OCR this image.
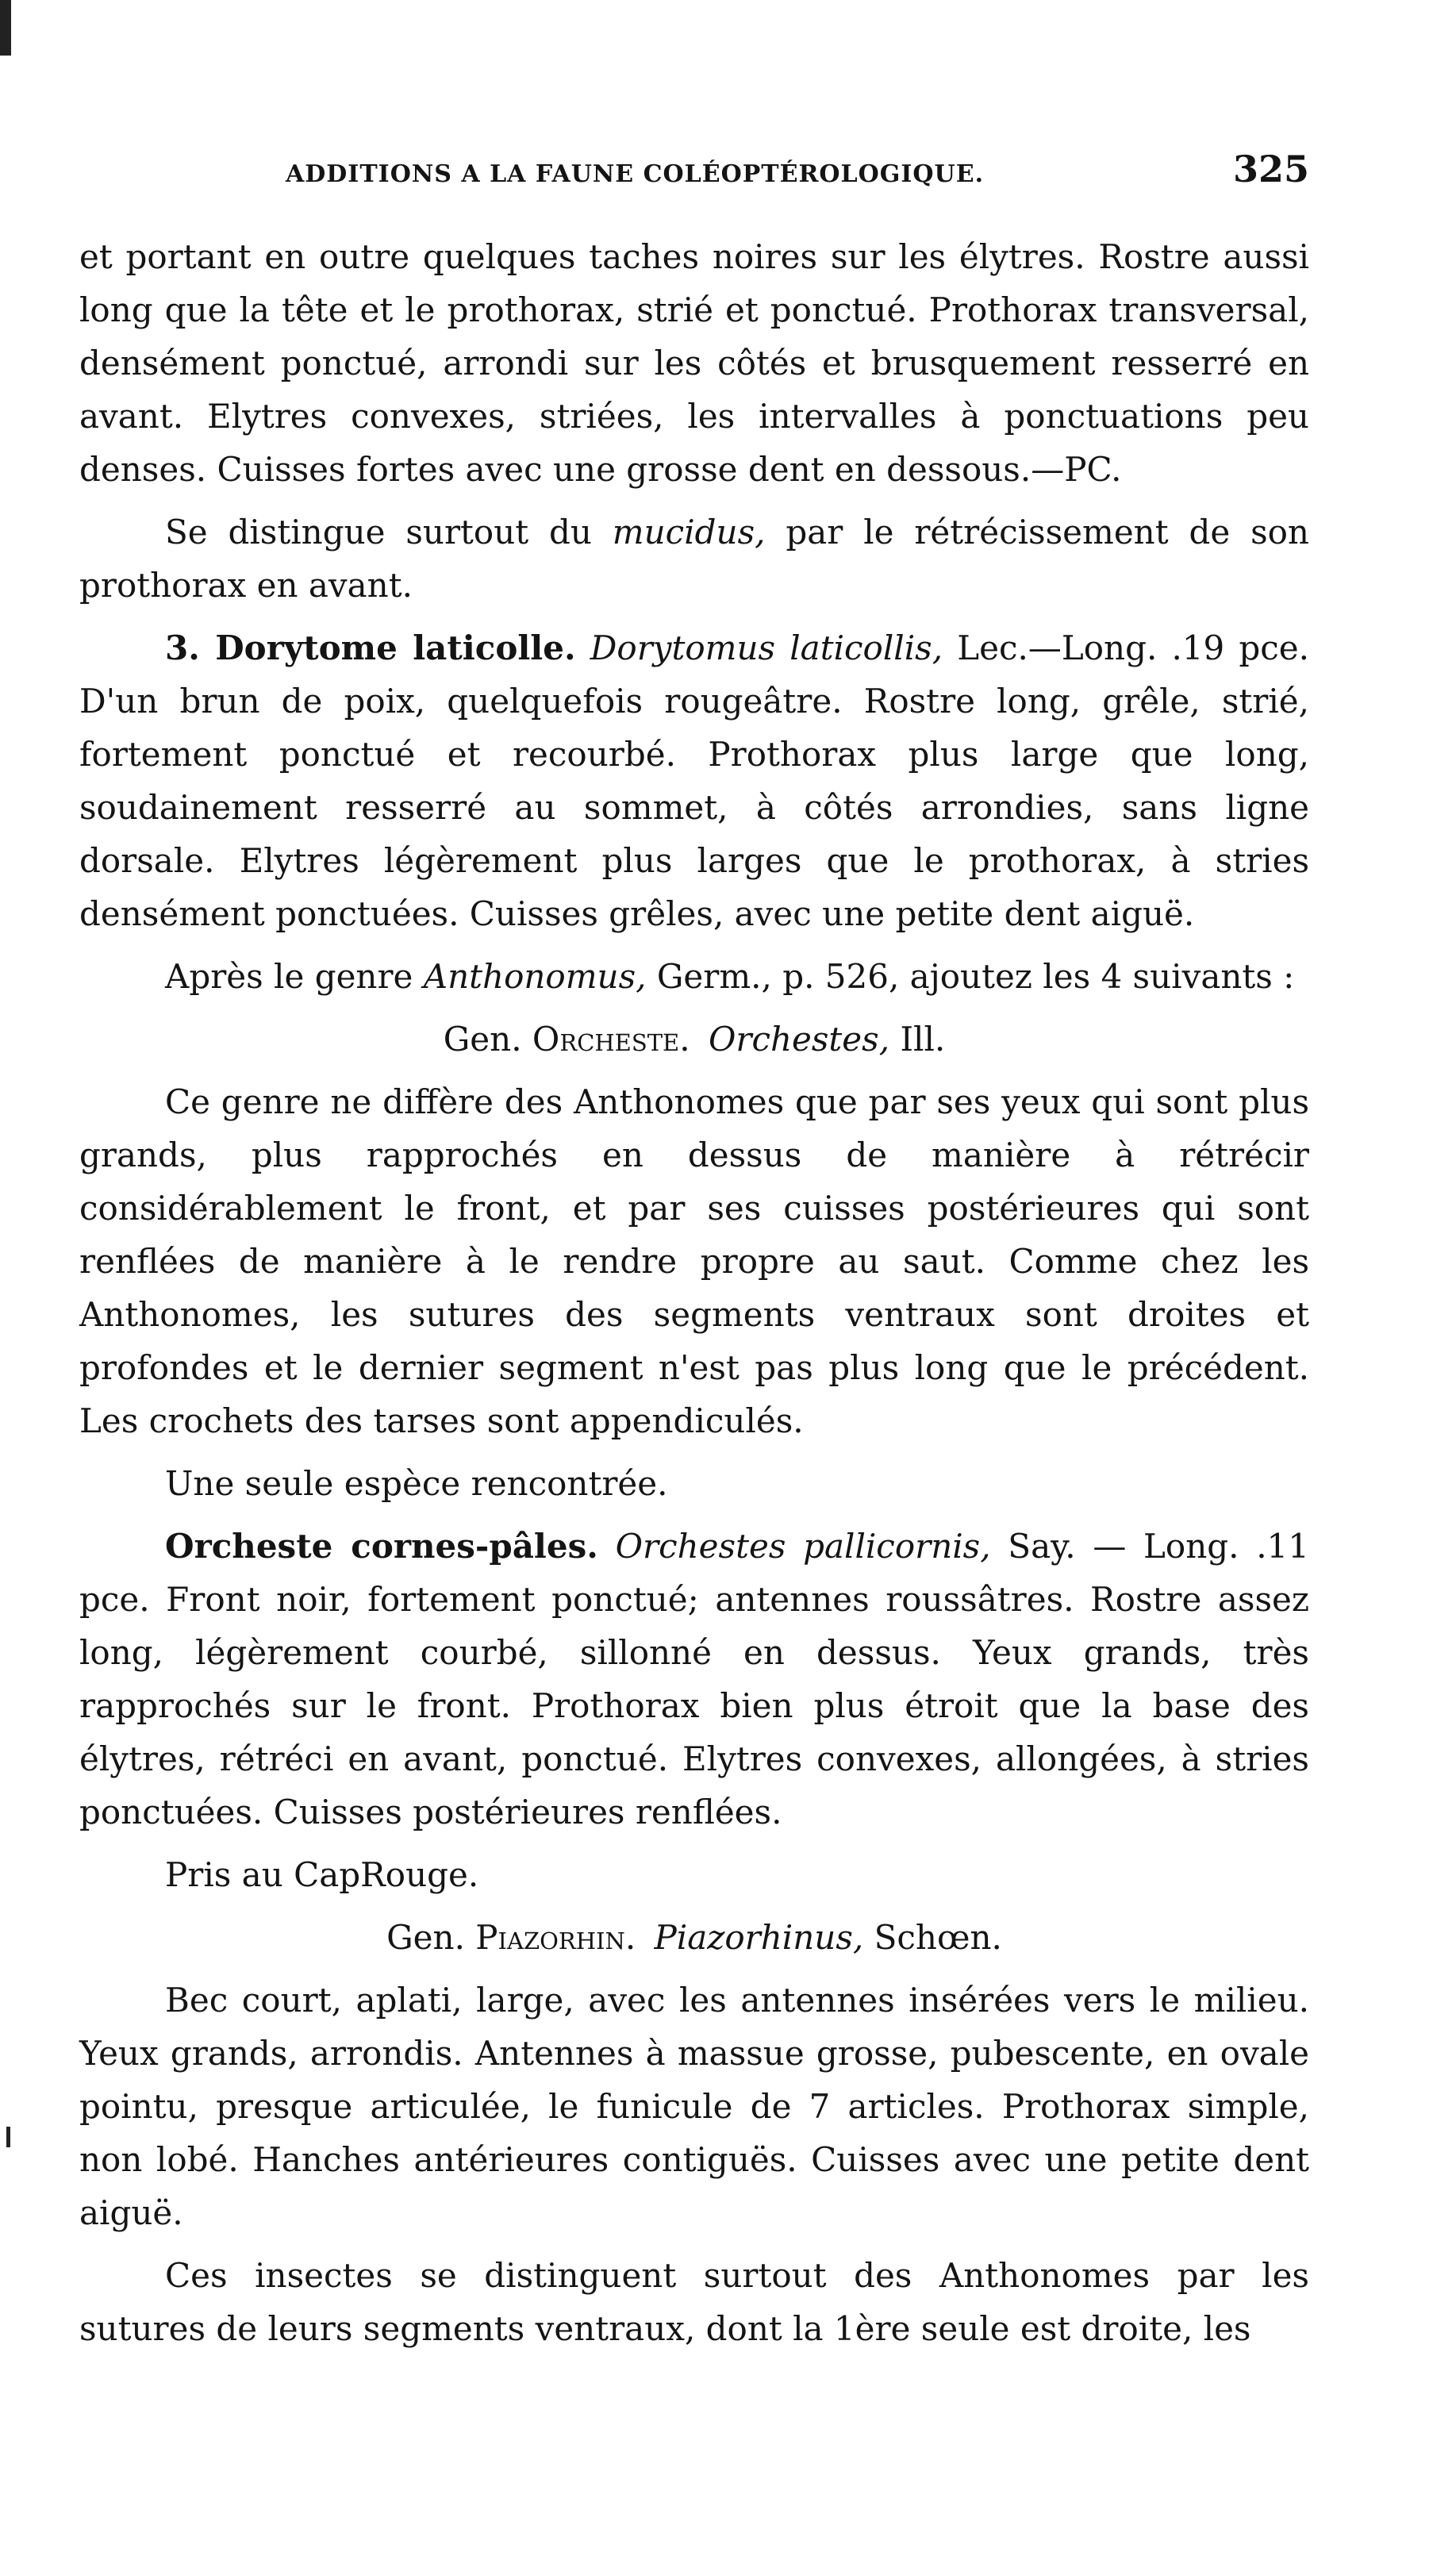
ADDITIONS A LA FAUNE COLÉOPTÉROLOGIQUE.	325

et portant en outre quelques taches noires sur les élytres. Rostre aussi long que la tête et le prothorax, strié et ponctué. Prothorax transversal, densément ponctué, arrondi sur les côtés et brusquement resserré en avant. Elytres convexes, striées, les intervalles à ponctuations peu denses. Cuisses fortes avec une grosse dent en dessous.—PC.

Se distingue surtout du mucidus, par le rétrécissement de son prothorax en avant.

3. Dorytome laticolle. Dorytomus laticollis, Lec.—Long. .19 pce. D'un brun de poix, quelquefois rougeâtre. Rostre long, grêle, strié, fortement ponctué et recourbé. Prothorax plus large que long, soudainement resserré au sommet, à côtés arrondies, sans ligne dorsale. Elytres légèrement plus larges que le prothorax, à stries densément ponctuées. Cuisses grêles, avec une petite dent aiguë.

Après le genre Anthonomus, Germ., p. 526, ajoutez les 4 suivants :

Gen. Orcheste. Orchestes, Ill.

Ce genre ne diffère des Anthonomes que par ses yeux qui sont plus grands, plus rapprochés en dessus de manière à rétrécir considérablement le front, et par ses cuisses postérieures qui sont renflées de manière à le rendre propre au saut. Comme chez les Anthonomes, les sutures des segments ventraux sont droites et profondes et le dernier segment n'est pas plus long que le précédent. Les crochets des tarses sont appendiculés.

Une seule espèce rencontrée.

Orcheste cornes-pâles. Orchestes pallicornis, Say. — Long. .11 pce. Front noir, fortement ponctué; antennes roussâtres. Rostre assez long, légèrement courbé, sillonné en dessus. Yeux grands, très rapprochés sur le front. Prothorax bien plus étroit que la base des élytres, rétréci en avant, ponctué. Elytres convexes, allongées, à stries ponctuées. Cuisses postérieures renflées.

Pris au CapRouge.

Gen. Piazorhin. Piazorhinus, Schœn.

Bec court, aplati, large, avec les antennes insérées vers le milieu. Yeux grands, arrondis. Antennes à massue grosse, pubescente, en ovale pointu, presque articulée, le funicule de 7 articles. Prothorax simple, non lobé. Hanches antérieures contiguës. Cuisses avec une petite dent aiguë.

Ces insectes se distinguent surtout des Anthonomes par les sutures de leurs segments ventraux, dont la 1ère seule est droite, les
